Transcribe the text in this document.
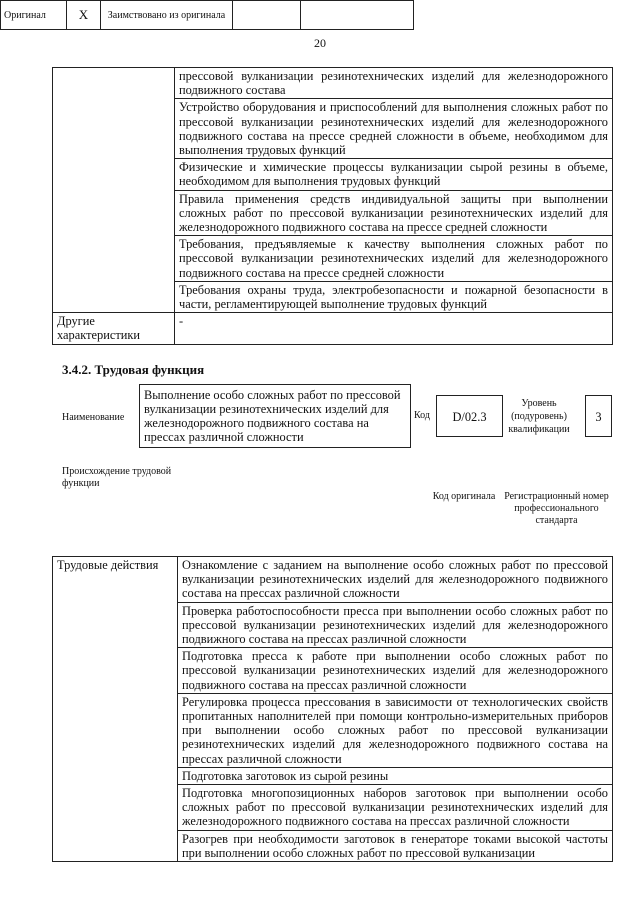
20
	прессовой вулканизации резинотехнических изделий для железнодорожного подвижного состава
	Устройство оборудования и приспособлений для выполнения сложных работ по прессовой вулканизации резинотехнических изделий для железнодорожного подвижного состава на прессе средней сложности в объеме, необходимом для выполнения трудовых функций
	Физические и химические процессы вулканизации сырой резины в объеме, необходимом для выполнения трудовых функций
	Правила применения средств индивидуальной защиты при выполнении сложных работ по прессовой вулканизации резинотехнических изделий для железнодорожного подвижного состава на прессе средней сложности
	Требования, предъявляемые к качеству выполнения сложных работ по прессовой вулканизации резинотехнических изделий для железнодорожного подвижного состава на прессе средней сложности
	Требования охраны труда, электробезопасности и пожарной безопасности в части, регламентирующей выполнение трудовых функций
Другие характеристики	-
3.4.2. Трудовая функция
Наименование
Выполнение особо сложных работ по прессовой вулканизации резинотехнических изделий для железнодорожного подвижного состава на прессах различной сложности
Код	D/02.3
Уровень (подуровень) квалификации
3
Происхождение трудовой функции
Оригинал	X	Заимствовано из оригинала		
Код оригинала Регистрационный номер профессионального стандарта
Трудовые действия	Ознакомление с заданием на выполнение особо сложных работ по прессовой вулканизации резинотехнических изделий для железнодорожного подвижного состава на прессах различной сложности
Проверка работоспособности пресса при выполнении особо сложных работ по прессовой вулканизации резинотехнических изделий для железнодорожного подвижного состава на прессах различной сложности
Подготовка пресса к работе при выполнении особо сложных работ по прессовой вулканизации резинотехнических изделий для железнодорожного подвижного состава на прессах различной сложности
Регулировка процесса прессования в зависимости от технологических свойств пропитанных наполнителей при помощи контрольно-измерительных приборов при выполнении особо сложных работ по прессовой вулканизации резинотехнических изделий для железнодорожного подвижного состава на прессах различной сложности
Подготовка заготовок из сырой резины
Подготовка многопозиционных наборов заготовок при выполнении особо сложных работ по прессовой вулканизации резинотехнических изделий для железнодорожного подвижного состава на прессах различной сложности
Разогрев при необходимости заготовок в генераторе токами высокой частоты при выполнении особо сложных работ по прессовой вулканизации
